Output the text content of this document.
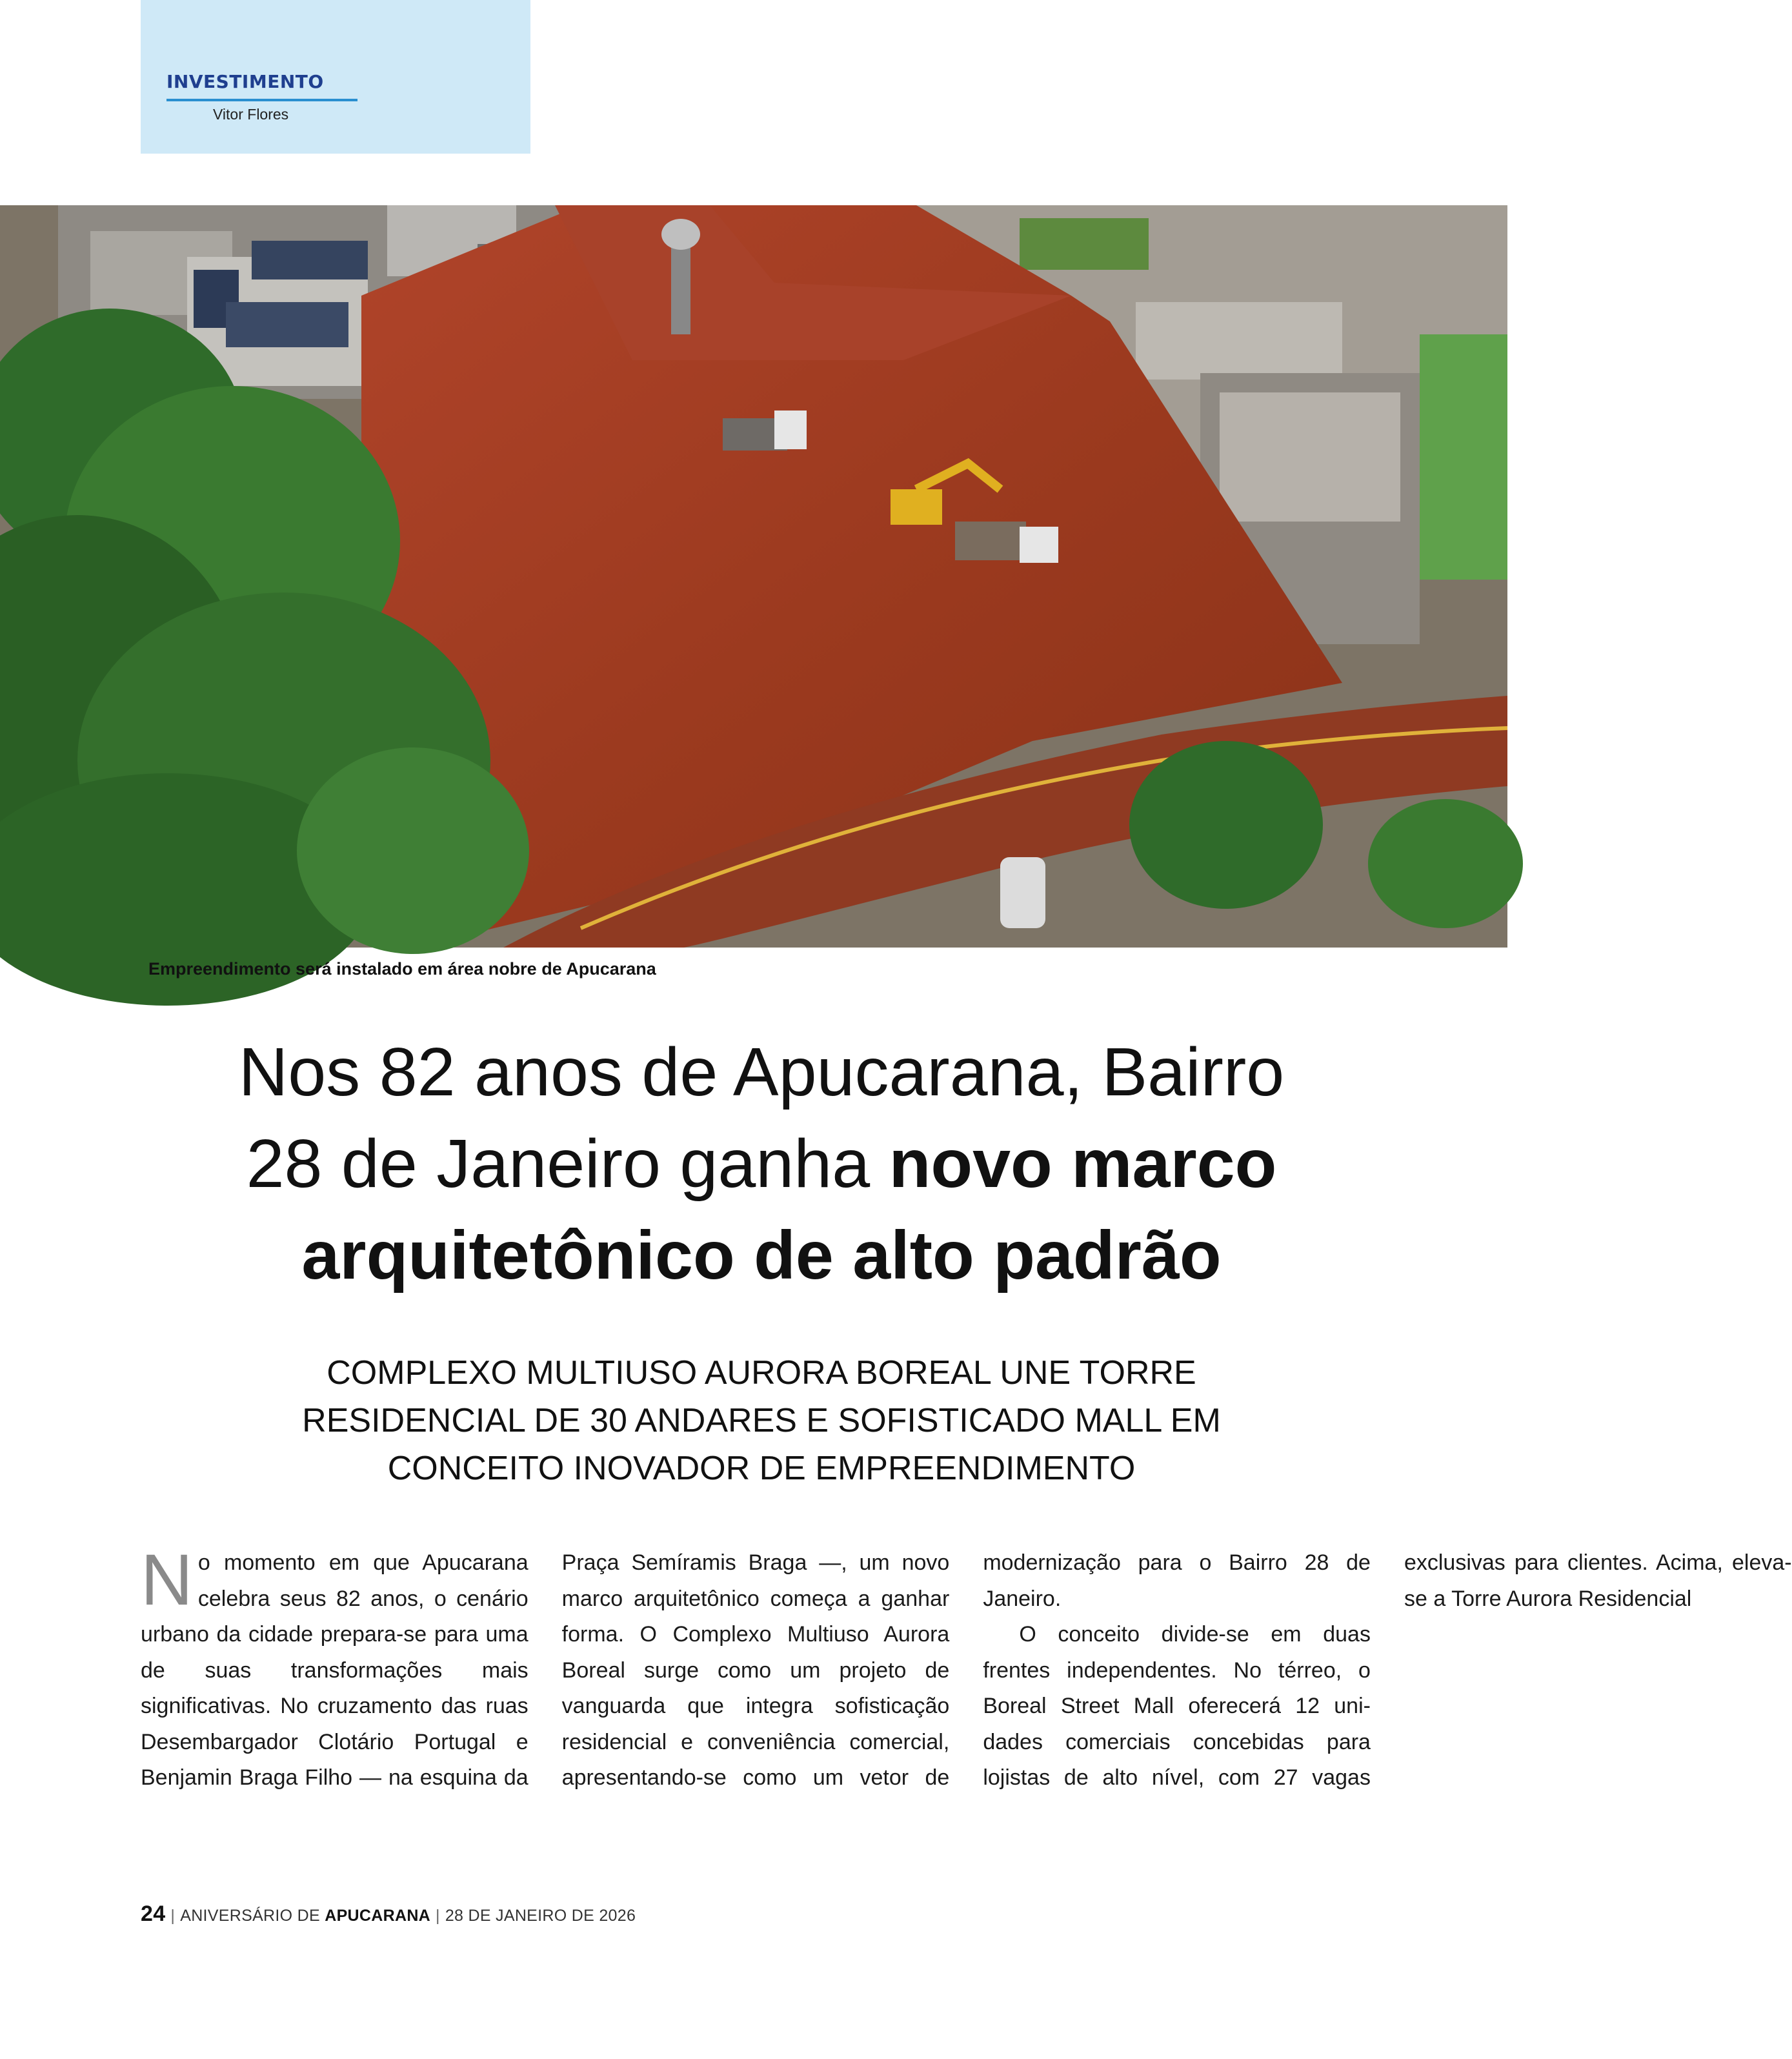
INVESTIMENTO
Vitor Flores
Empreendimento será instalado em área nobre de Apucarana
Nos 82 anos de Apucarana, Bairro
28 de Janeiro ganha novo marco
arquitetônico de alto padrão
COMPLEXO MULTIUSO AURORA BOREAL UNE TORRE
RESIDENCIAL DE 30 ANDARES E SOFISTICADO MALL EM
CONCEITO INOVADOR DE EMPREENDIMENTO

No momento em que Apucarana celebra seus 82 anos, o cenário urbano da cidade prepara-se para uma de suas transformações mais significativas. No cruzamento das ruas Desembargador Clotário Portugal e Benjamin Braga Filho — na esquina da Praça Semíramis Braga —, um novo marco arquitetônico começa a ganhar forma. O Complexo Multiuso Aurora Boreal surge como um projeto de vanguarda que integra sofisticação residencial e conveniência comercial, apresentando-se como um vetor de modernização para o Bairro 28 de Janeiro.

O conceito divide-se em duas frentes independentes. No térreo, o Boreal Street Mall oferecerá 12 unidades comerciais concebidas para lojistas de alto nível, com 27 vagas exclusivas para clientes. Acima, eleva-se a Torre Aurora Residencial

24 | ANIVERSÁRIO DE APUCARANA | 28 DE JANEIRO DE 2026
